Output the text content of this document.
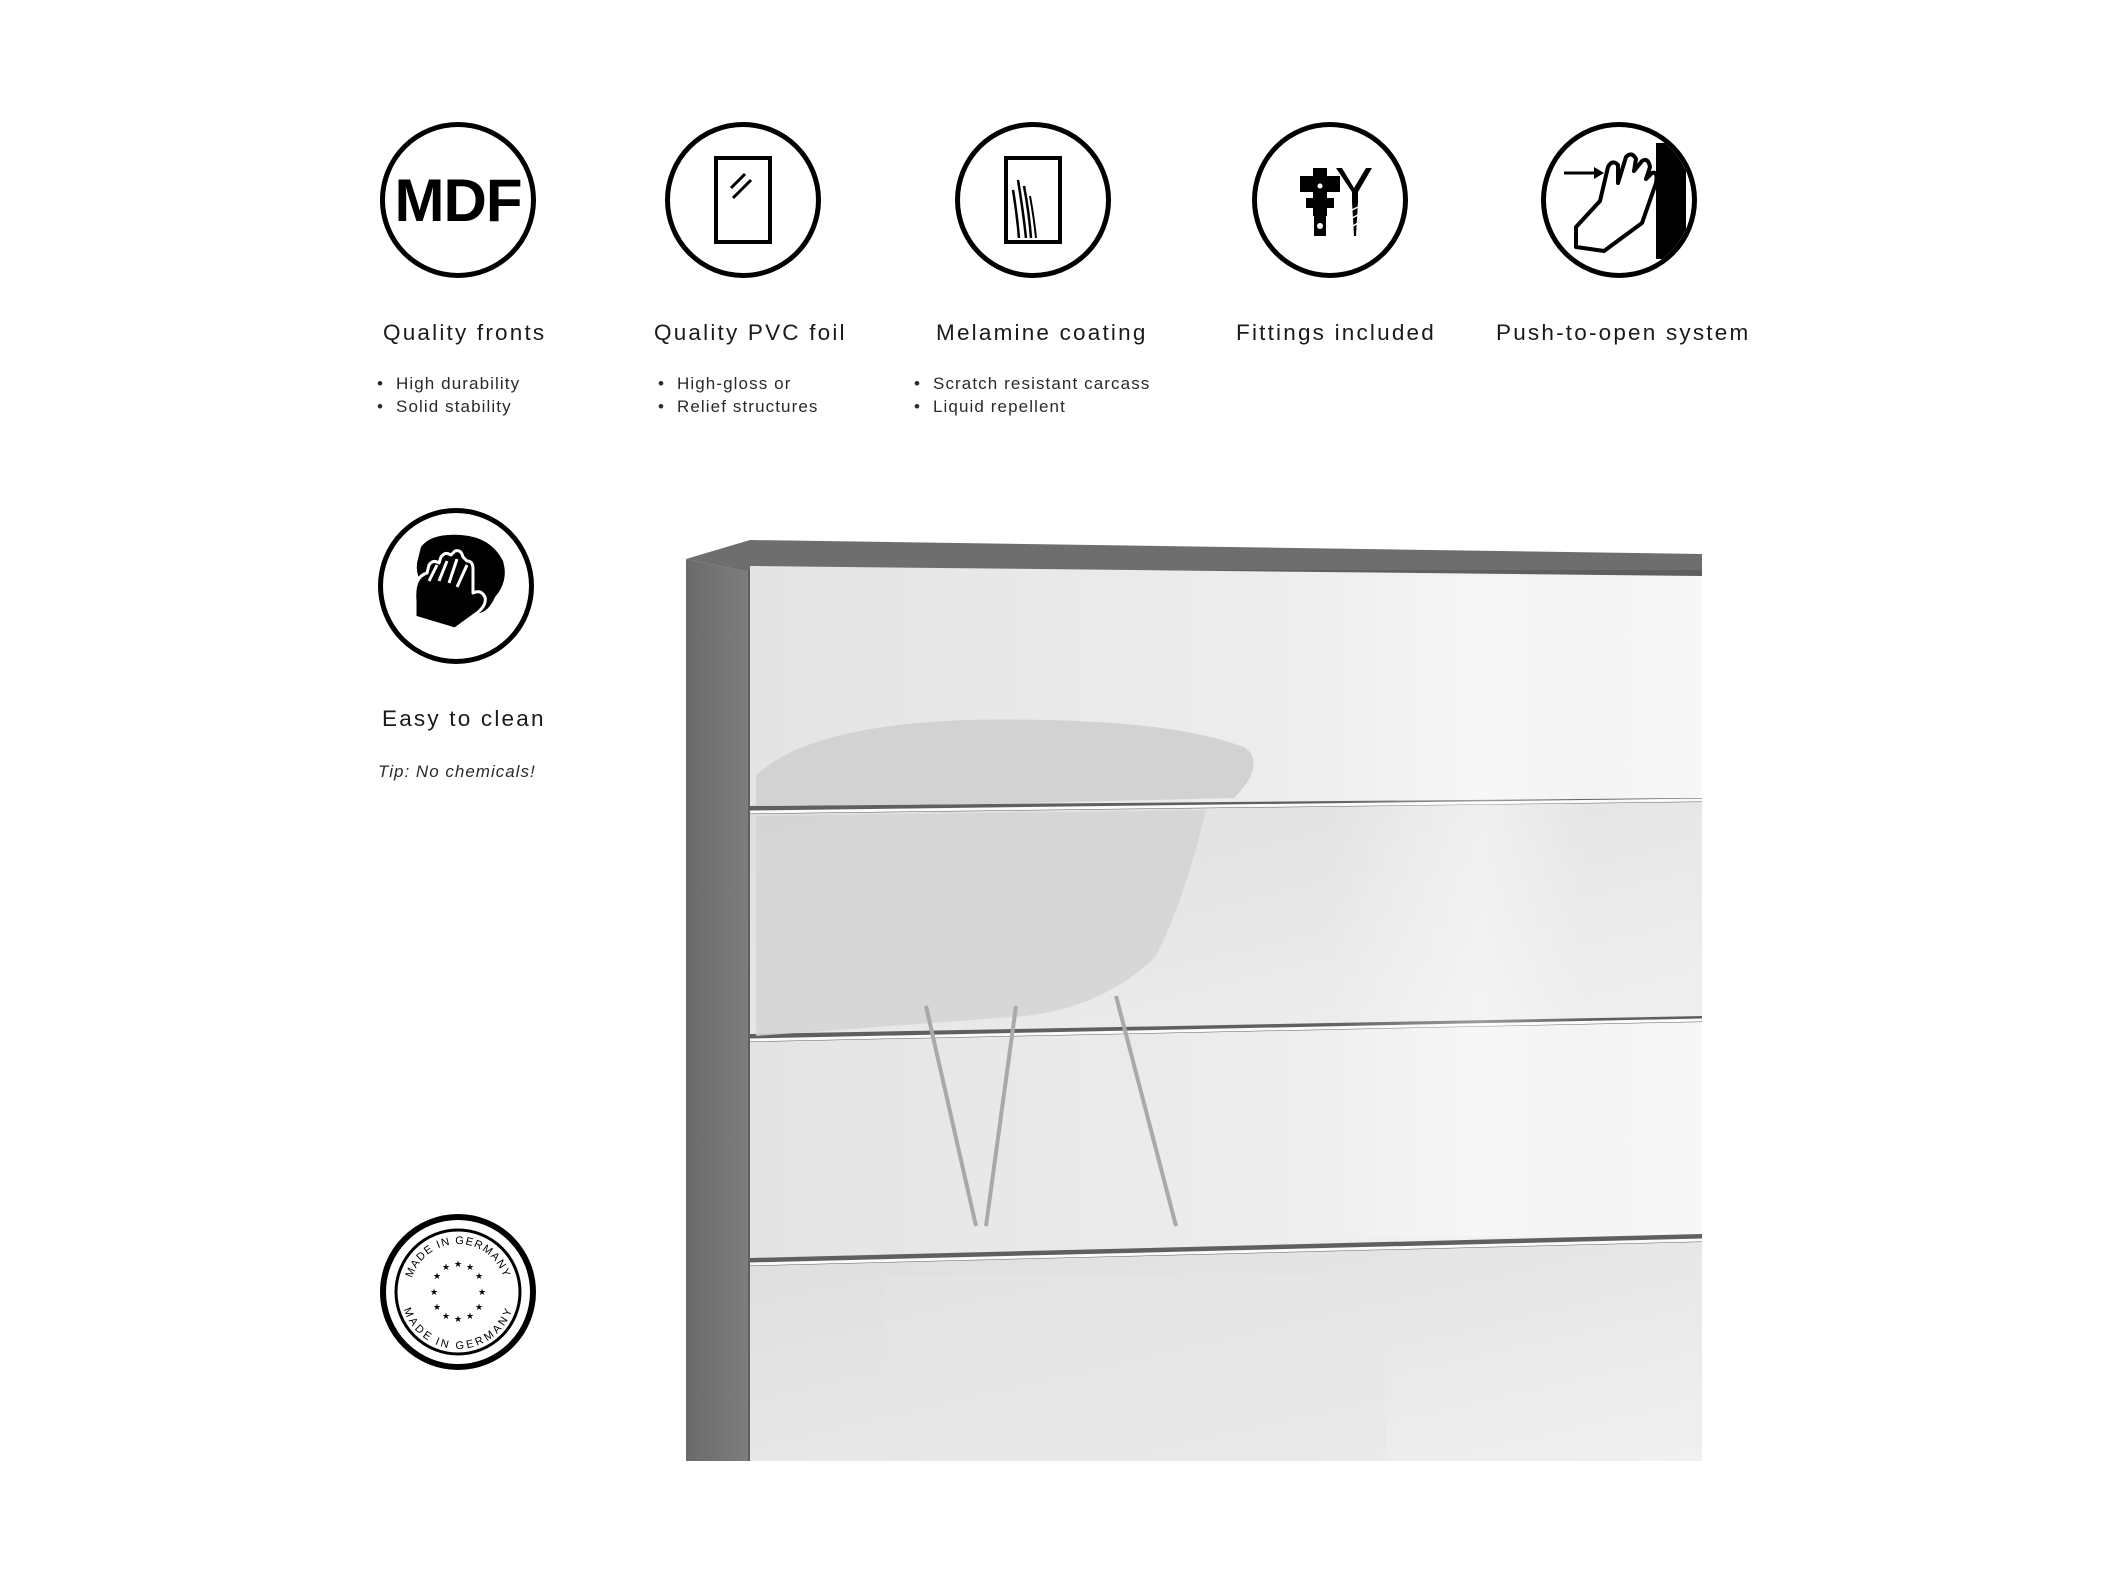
MDF
Quality fronts
• High durability
• Solid stability
Quality PVC foil
• High-gloss or
• Relief structures
Melamine coating
• Scratch resistant carcass
• Liquid repellent
Fittings included	Push-to-open system
Easy to clean
Tip: No chemicals!
MADE IN GERMANY
MADE IN GERMANY
★ ★
★
★
★
★
★
★
★
★
★
★
